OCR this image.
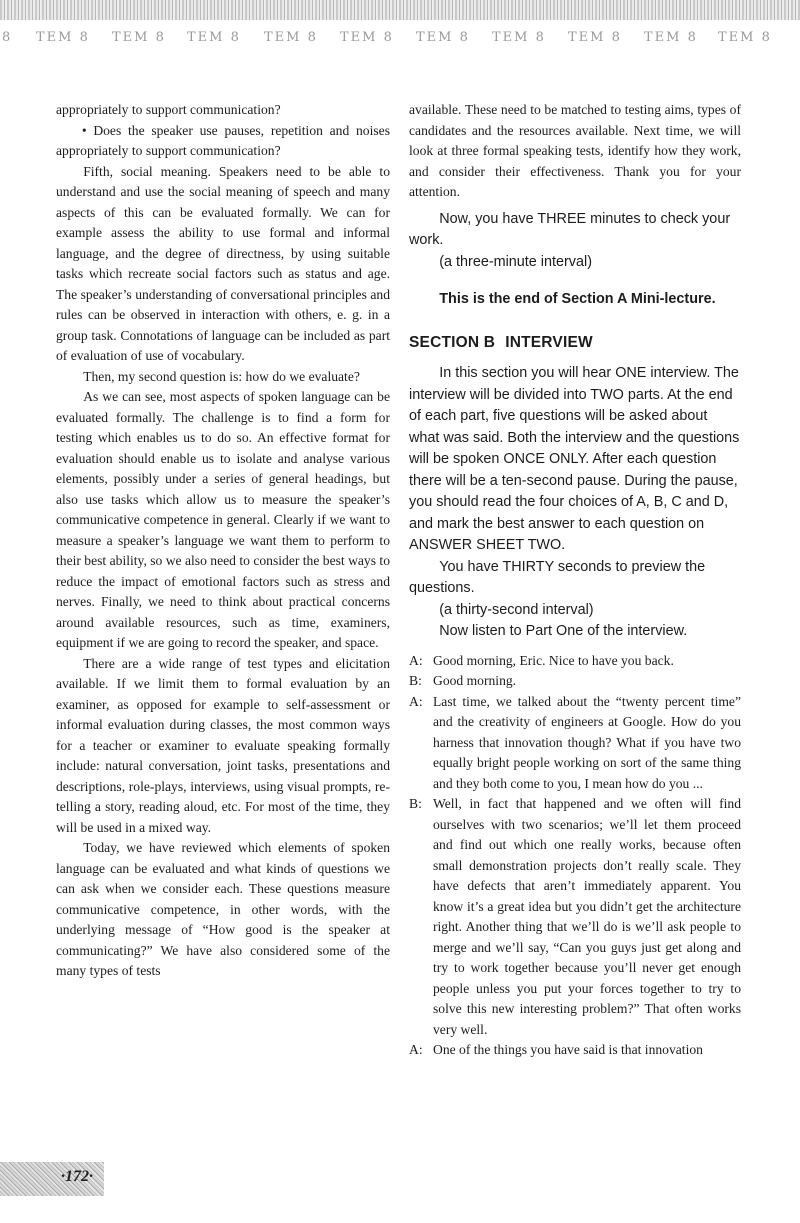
8 TEM 8 TEM 8 TEM 8 TEM 8 TEM 8 TEM 8 TEM 8 TEM 8 TEM 8 TEM 8

appropriately to support communication?

• Does the speaker use pauses, repetition and noises appropriately to support communication?

Fifth, social meaning. Speakers need to be able to understand and use the social meaning of speech and many aspects of this can be evaluated formally. We can for example assess the ability to use formal and informal language, and the degree of directness, by using suitable tasks which recreate social factors such as status and age. The speaker’s understanding of conversational principles and rules can be observed in interaction with others, e. g. in a group task. Connotations of language can be included as part of evaluation of use of vocabulary.

Then, my second question is: how do we evaluate?

As we can see, most aspects of spoken language can be evaluated formally. The challenge is to find a form for testing which enables us to do so. An effective format for evaluation should enable us to isolate and analyse various elements, possibly under a series of general headings, but also use tasks which allow us to measure the speaker’s communicative competence in general. Clearly if we want to measure a speaker’s language we want them to perform to their best ability, so we also need to consider the best ways to reduce the impact of emotional factors such as stress and nerves. Finally, we need to think about practical concerns around available resources, such as time, examiners, equipment if we are going to record the speaker, and space.

There are a wide range of test types and elicitation available. If we limit them to formal evaluation by an examiner, as opposed for example to self-assessment or informal evaluation during classes, the most common ways for a teacher or examiner to evaluate speaking formally include: natural conversation, joint tasks, presentations and descriptions, role-plays, interviews, using visual prompts, re-telling a story, reading aloud, etc. For most of the time, they will be used in a mixed way.

Today, we have reviewed which elements of spoken language can be evaluated and what kinds of questions we can ask when we consider each. These questions measure communicative competence, in other words, with the underlying message of “How good is the speaker at communicating?” We have also considered some of the many types of tests

available. These need to be matched to testing aims, types of candidates and the resources available. Next time, we will look at three formal speaking tests, identify how they work, and consider their effectiveness. Thank you for your attention.

Now, you have THREE minutes to check your work.

(a three-minute interval)

This is the end of Section A Mini-lecture.

SECTION B INTERVIEW

In this section you will hear ONE interview. The interview will be divided into TWO parts. At the end of each part, five questions will be asked about what was said. Both the interview and the questions will be spoken ONCE ONLY. After each question there will be a ten-second pause. During the pause, you should read the four choices of A, B, C and D, and mark the best answer to each question on ANSWER SHEET TWO.

You have THIRTY seconds to preview the questions.

(a thirty-second interval)

Now listen to Part One of the interview.

A: Good morning, Eric. Nice to have you back.
B: Good morning.
A: Last time, we talked about the “twenty percent time” and the creativity of engineers at Google. How do you harness that innovation though? What if you have two equally bright people working on sort of the same thing and they both come to you, I mean how do you ...
B: Well, in fact that happened and we often will find ourselves with two scenarios; we’ll let them proceed and find out which one really works, because often small demonstration projects don’t really scale. They have defects that aren’t immediately apparent. You know it’s a great idea but you didn’t get the architecture right. Another thing that we’ll do is we’ll ask people to merge and we’ll say, “Can you guys just get along and try to work together because you’ll never get enough people unless you put your forces together to try to solve this new interesting problem?” That often works very well.
A: One of the things you have said is that innovation
·172·
